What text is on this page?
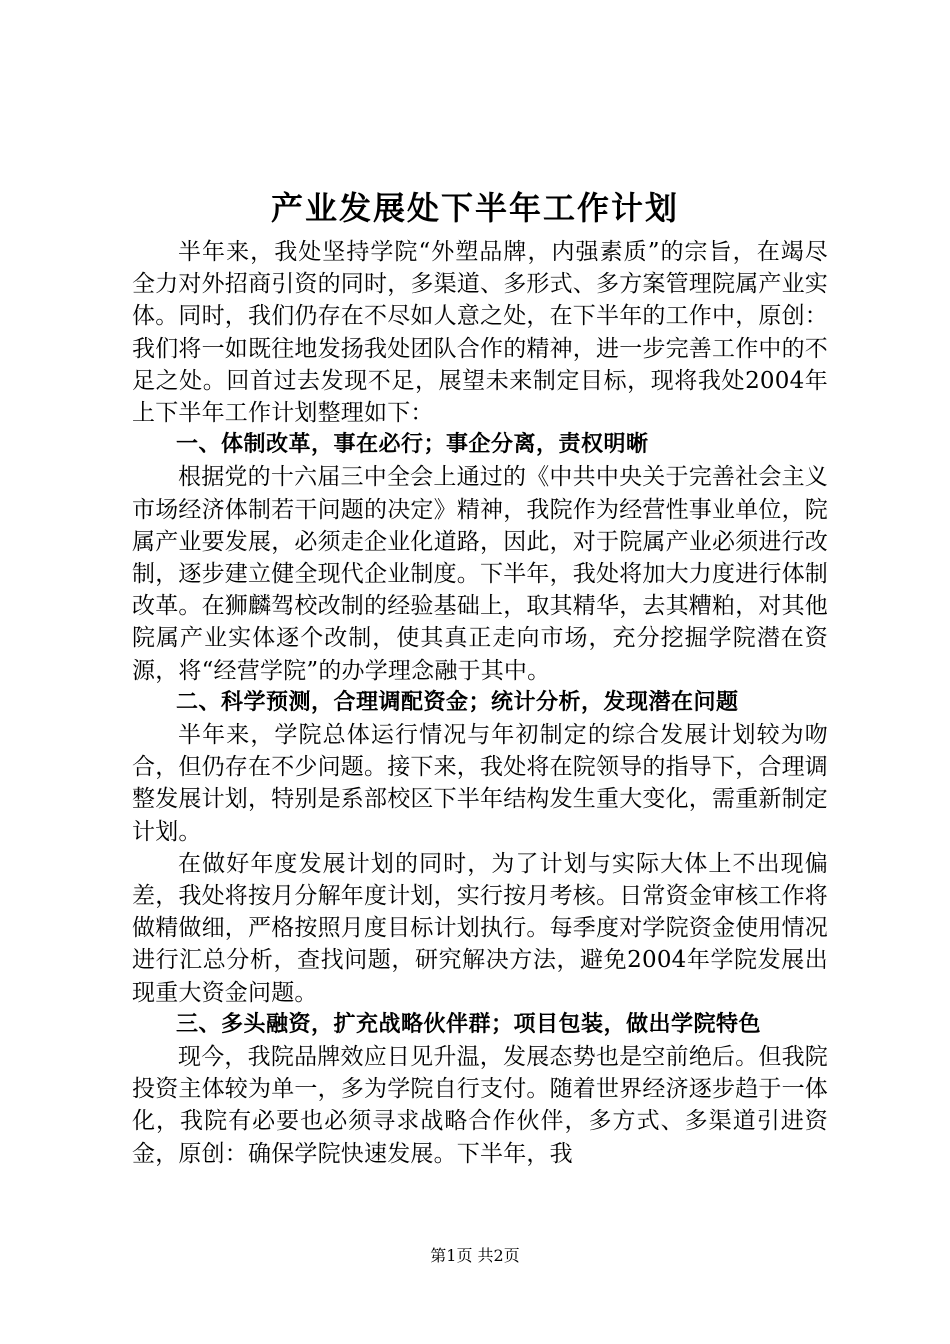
产业发展处下半年工作计划

半年来，我处坚持学院“外塑品牌，内强素质”的宗旨，在竭尽全力对外招商引资的同时，多渠道、多形式、多方案管理院属产业实体。同时，我们仍存在不尽如人意之处，在下半年的工作中，原创：我们将一如既往地发扬我处团队合作的精神，进一步完善工作中的不足之处。回首过去发现不足，展望未来制定目标，现将我处2004年上下半年工作计划整理如下：

一、体制改革，事在必行；事企分离，责权明晰

根据党的十六届三中全会上通过的《中共中央关于完善社会主义市场经济体制若干问题的决定》精神，我院作为经营性事业单位，院属产业要发展，必须走企业化道路，因此，对于院属产业必须进行改制，逐步建立健全现代企业制度。下半年，我处将加大力度进行体制改革。在狮麟驾校改制的经验基础上，取其精华，去其糟粕，对其他院属产业实体逐个改制，使其真正走向市场，充分挖掘学院潜在资源，将“经营学院”的办学理念融于其中。

二、科学预测，合理调配资金；统计分析，发现潜在问题

半年来，学院总体运行情况与年初制定的综合发展计划较为吻合，但仍存在不少问题。接下来，我处将在院领导的指导下，合理调整发展计划，特别是系部校区下半年结构发生重大变化，需重新制定计划。

在做好年度发展计划的同时，为了计划与实际大体上不出现偏差，我处将按月分解年度计划，实行按月考核。日常资金审核工作将做精做细，严格按照月度目标计划执行。每季度对学院资金使用情况进行汇总分析，查找问题，研究解决方法，避免2004年学院发展出现重大资金问题。

三、多头融资，扩充战略伙伴群；项目包装，做出学院特色

现今，我院品牌效应日见升温，发展态势也是空前绝后。但我院投资主体较为单一，多为学院自行支付。随着世界经济逐步趋于一体化，我院有必要也必须寻求战略合作伙伴，多方式、多渠道引进资金，原创：确保学院快速发展。下半年，我

第1页 共2页
